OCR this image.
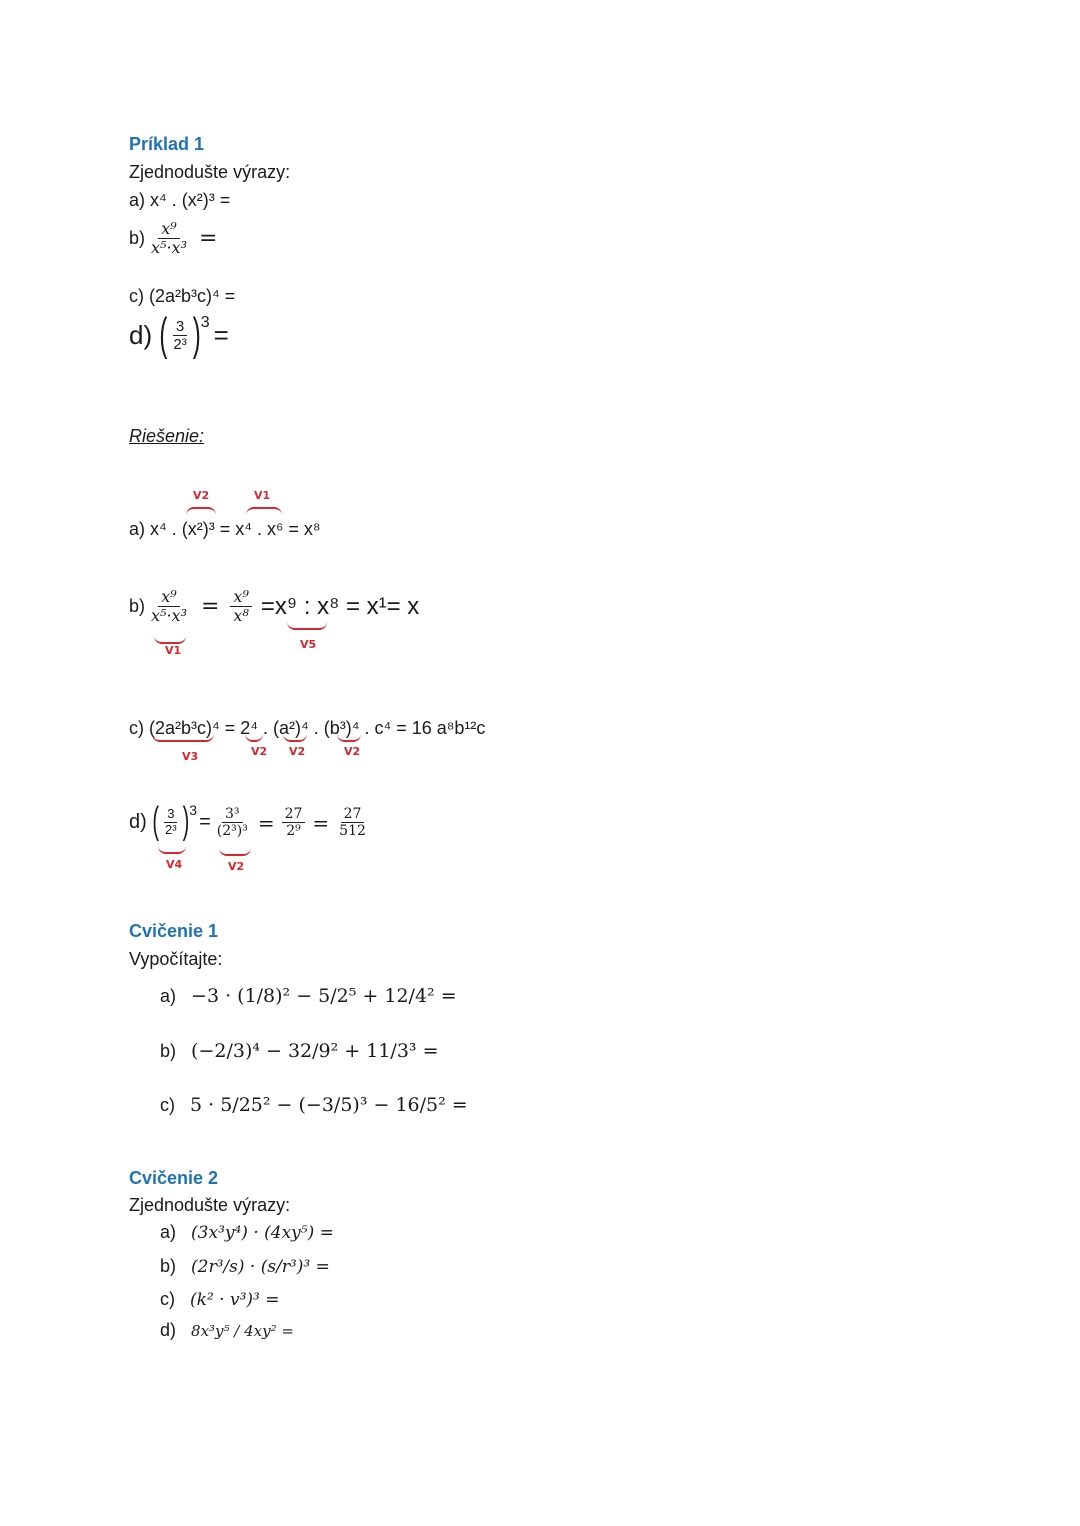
Príklad 1
Zjednodušte výrazy:
a)
x⁴ . (x²)³ =
$b) \frac{\text{x⁹}}{\text{x⁵·x³}}$ =
c) (2a²b³c)⁴ =
d)
( $\frac{3}{\text{2³}}$ ) 3 =
Riešenie:
V2	V1
a) x⁴ . (x²)³ = x⁴ . x⁶ = x⁸
$b) \frac{\text{x⁹}}{\text{x⁵·x³}} = \frac{\text{x⁹}}{\text{x⁸}} =x^9$ : x⁸ = x¹= x
V1	V5
c) (2a²b³c)⁴ = 2⁴ . (a²)⁴ . (b³)⁴ . c⁴ = 16 a⁸b¹²c
V3	V2 V2	V2
d)
( $\frac{3}{\text{2³}}$ ) 3
= $\frac{\text{3³}}{\text{(2³)³}} = \frac{27}{\text{2⁹}} = \frac{27}{512}$
V4	V2
Cvičenie 1
Vypočítajte:
a)
−3 · (1/8)² − 5/2⁵ + 12/4² =
b)
(−2/3)⁴ − 32/9² + 11/3³ =
c)
5 · 5/25² − (−3/5)³ − 16/5² =
Cvičenie 2
Zjednodušte výrazy:
a)
(3x³y⁴) · (4xy⁵) =
b)
(2r³/s) · (s/r³)³ =
c)
(k² · v³)³ =
d)
8x³y⁵ / 4xy² =
